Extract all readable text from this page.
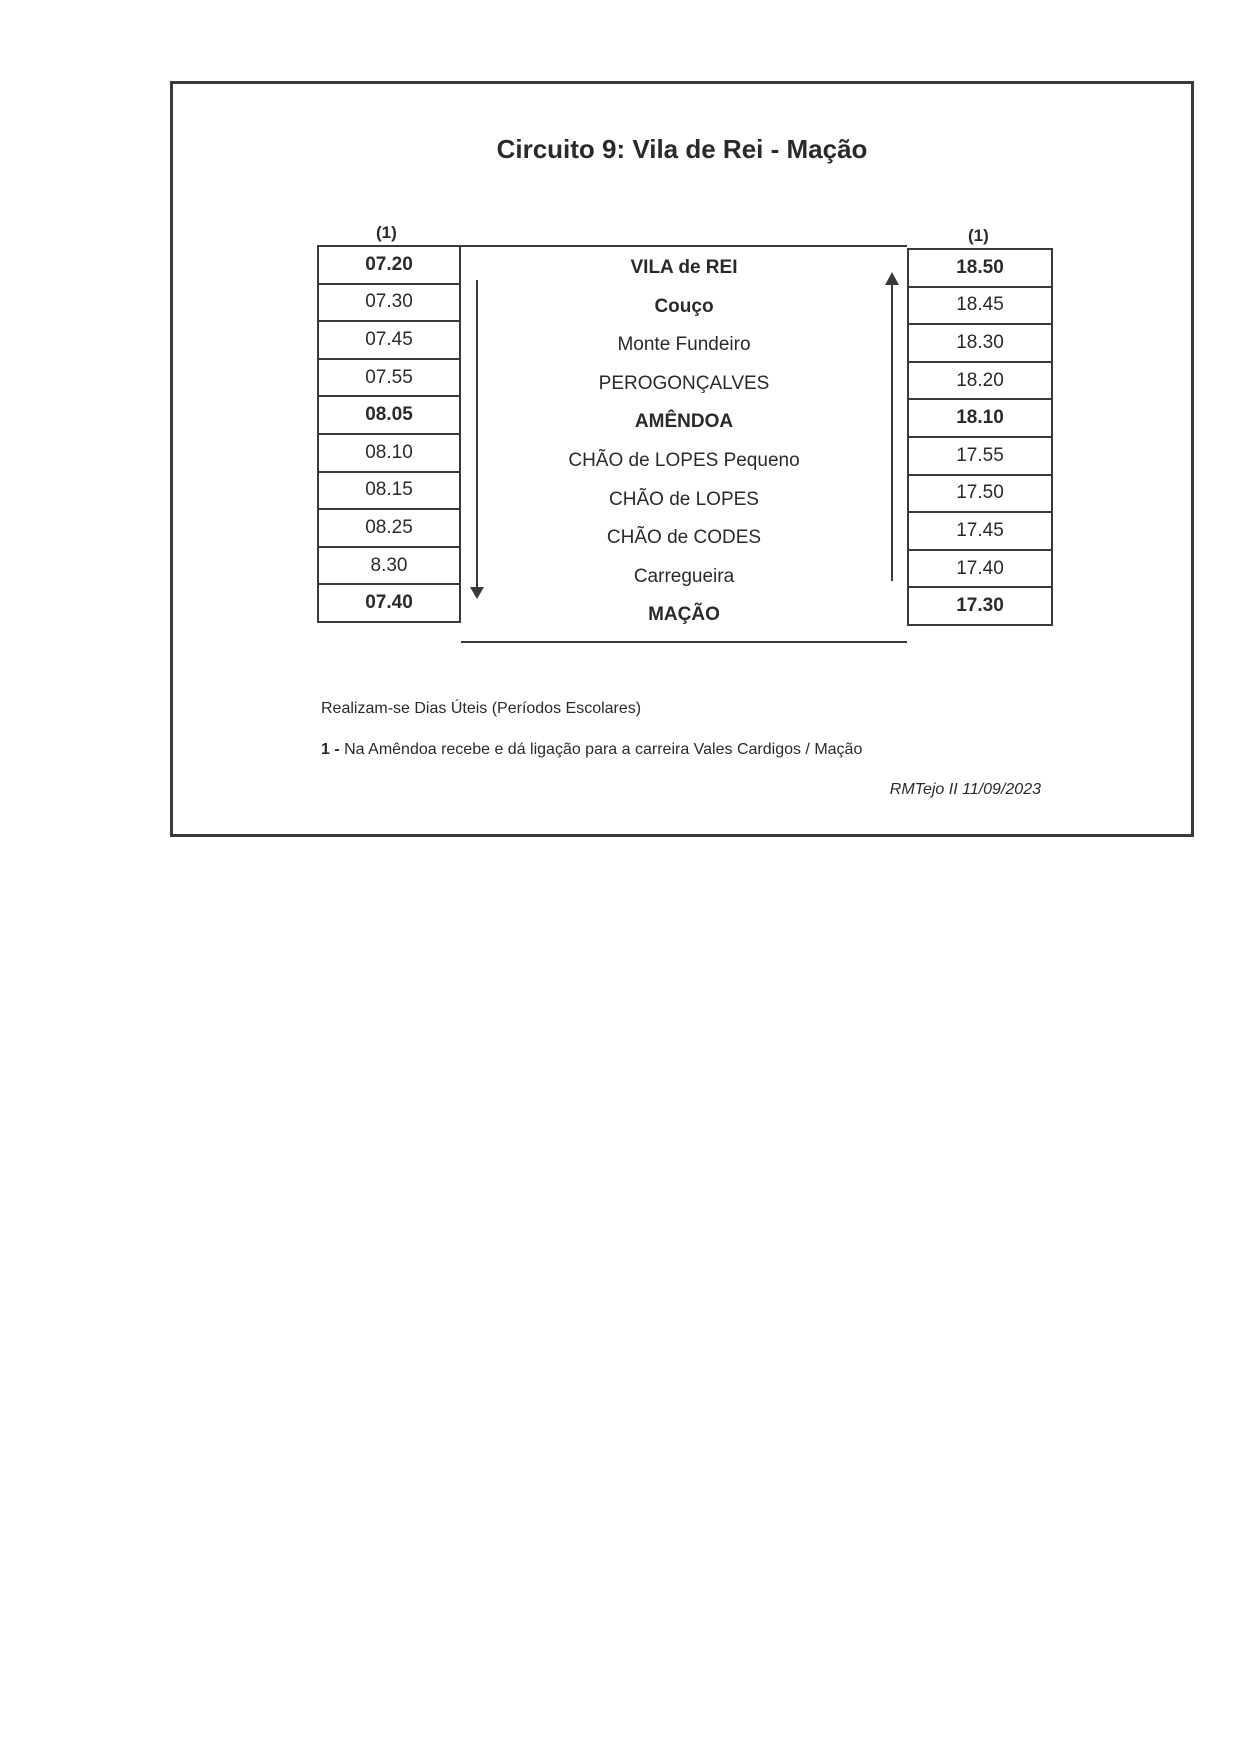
Circuito 9: Vila de Rei - Mação
(1)	(1)
07.20
07.30
07.45
07.55
08.05
08.10
08.15
08.25
8.30
07.40
VILA de REI
Couço
Monte Fundeiro
PEROGONÇALVES
AMÊNDOA
CHÃO de LOPES Pequeno
CHÃO de LOPES
CHÃO de CODES
Carregueira
MAÇÃO
18.50
18.45
18.30
18.20
18.10
17.55
17.50
17.45
17.40
17.30
Realizam-se Dias Úteis (Períodos Escolares)
1 - Na Amêndoa recebe e dá ligação para a carreira Vales Cardigos / Mação
RMTejo II 11/09/2023
